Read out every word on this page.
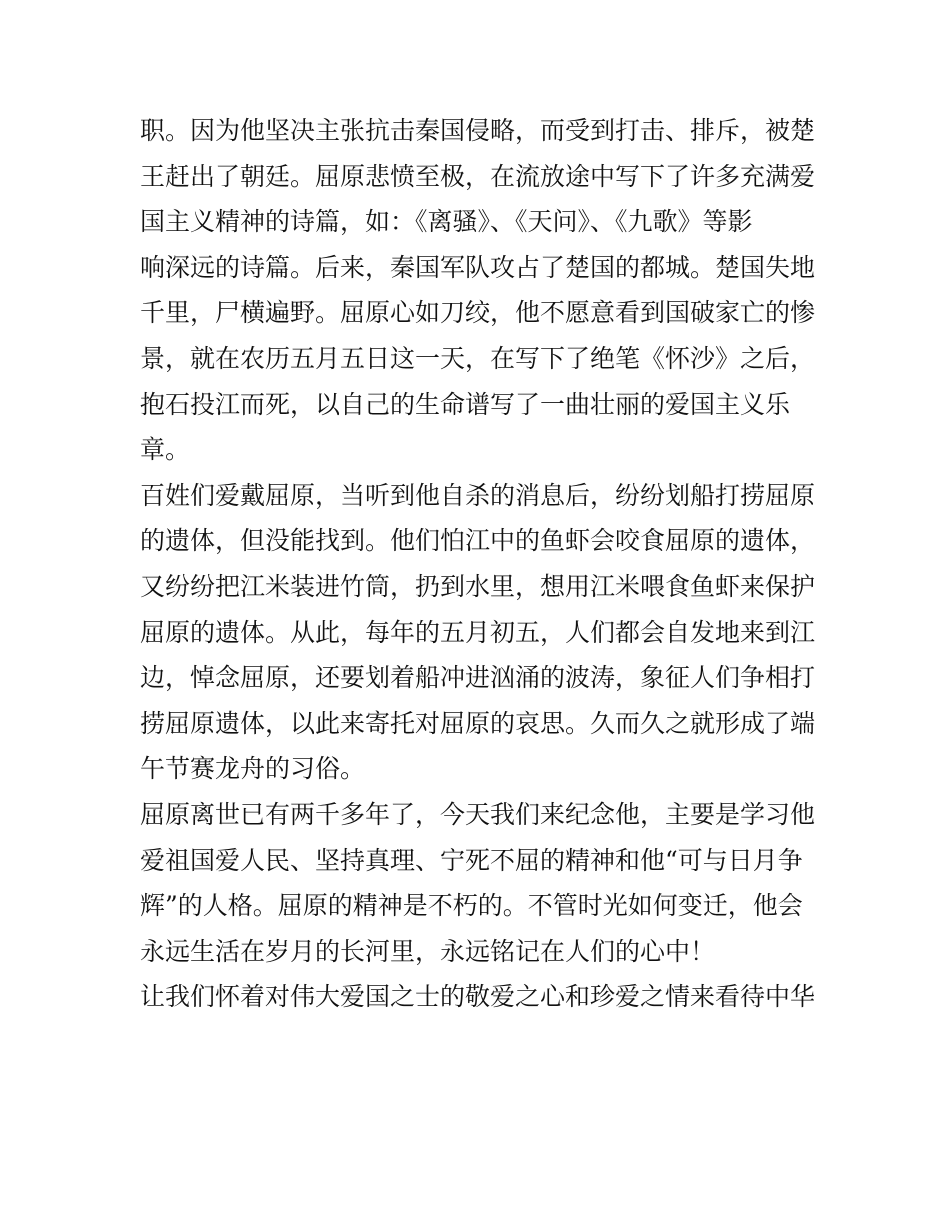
职。因为他坚决主张抗击秦国侵略，而受到打击、排斥，被楚
王赶出了朝廷。屈原悲愤至极，在流放途中写下了许多充满爱
国主义精神的诗篇，如：《离骚》、《天问》、《九歌》等影
响深远的诗篇。后来，秦国军队攻占了楚国的都城。楚国失地
千里，尸横遍野。屈原心如刀绞，他不愿意看到国破家亡的惨
景，就在农历五月五日这一天，在写下了绝笔《怀沙》之后，
抱石投江而死，以自己的生命谱写了一曲壮丽的爱国主义乐
章。
百姓们爱戴屈原，当听到他自杀的消息后，纷纷划船打捞屈原
的遗体，但没能找到。他们怕江中的鱼虾会咬食屈原的遗体，
又纷纷把江米装进竹筒，扔到水里，想用江米喂食鱼虾来保护
屈原的遗体。从此，每年的五月初五，人们都会自发地来到江
边，悼念屈原，还要划着船冲进汹涌的波涛，象征人们争相打
捞屈原遗体，以此来寄托对屈原的哀思。久而久之就形成了端
午节赛龙舟的习俗。
屈原离世已有两千多年了，今天我们来纪念他，主要是学习他
爱祖国爱人民、坚持真理、宁死不屈的精神和他“可与日月争
辉”的人格。屈原的精神是不朽的。不管时光如何变迁，他会
永远生活在岁月的长河里，永远铭记在人们的心中！
让我们怀着对伟大爱国之士的敬爱之心和珍爱之情来看待中华
